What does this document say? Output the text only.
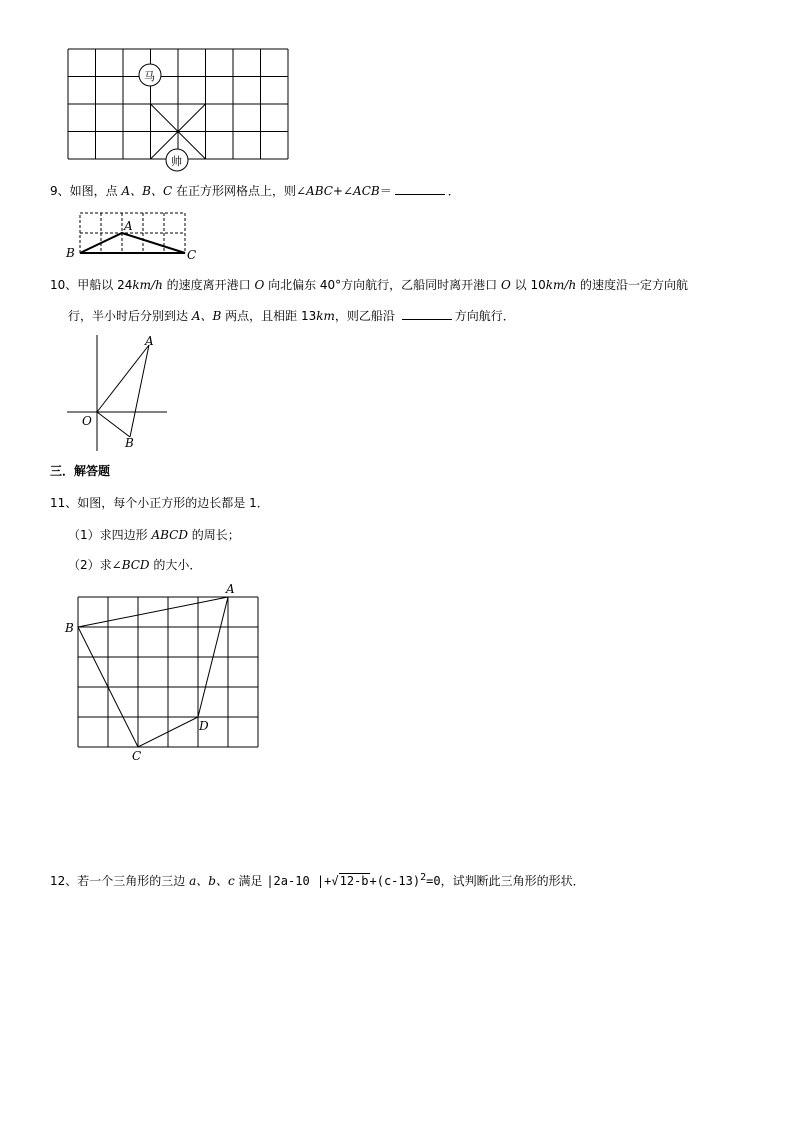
马
帅
9、如图，点 A、B、C 在正方形网格点上，则∠ABC+∠ACB＝	．
A
B	C
10、甲船以 24km/h 的速度离开港口 O 向北偏东 40°方向航行，乙船同时离开港口 O 以 10km/h 的速度沿一定方向航
行，半小时后分别到达 A、B 两点，且相距 13km，则乙船沿	方向航行．
A
O
B
三．解答题
11、如图，每个小正方形的边长都是 1．
（1）求四边形 ABCD 的周长；
（2）求∠BCD 的大小．
A
B
C
D
12、若一个三角形的三边 a、b、c 满足 |2a-10 $|+√12-b+(c-13)^2=0$，试判断此三角形的形状．
